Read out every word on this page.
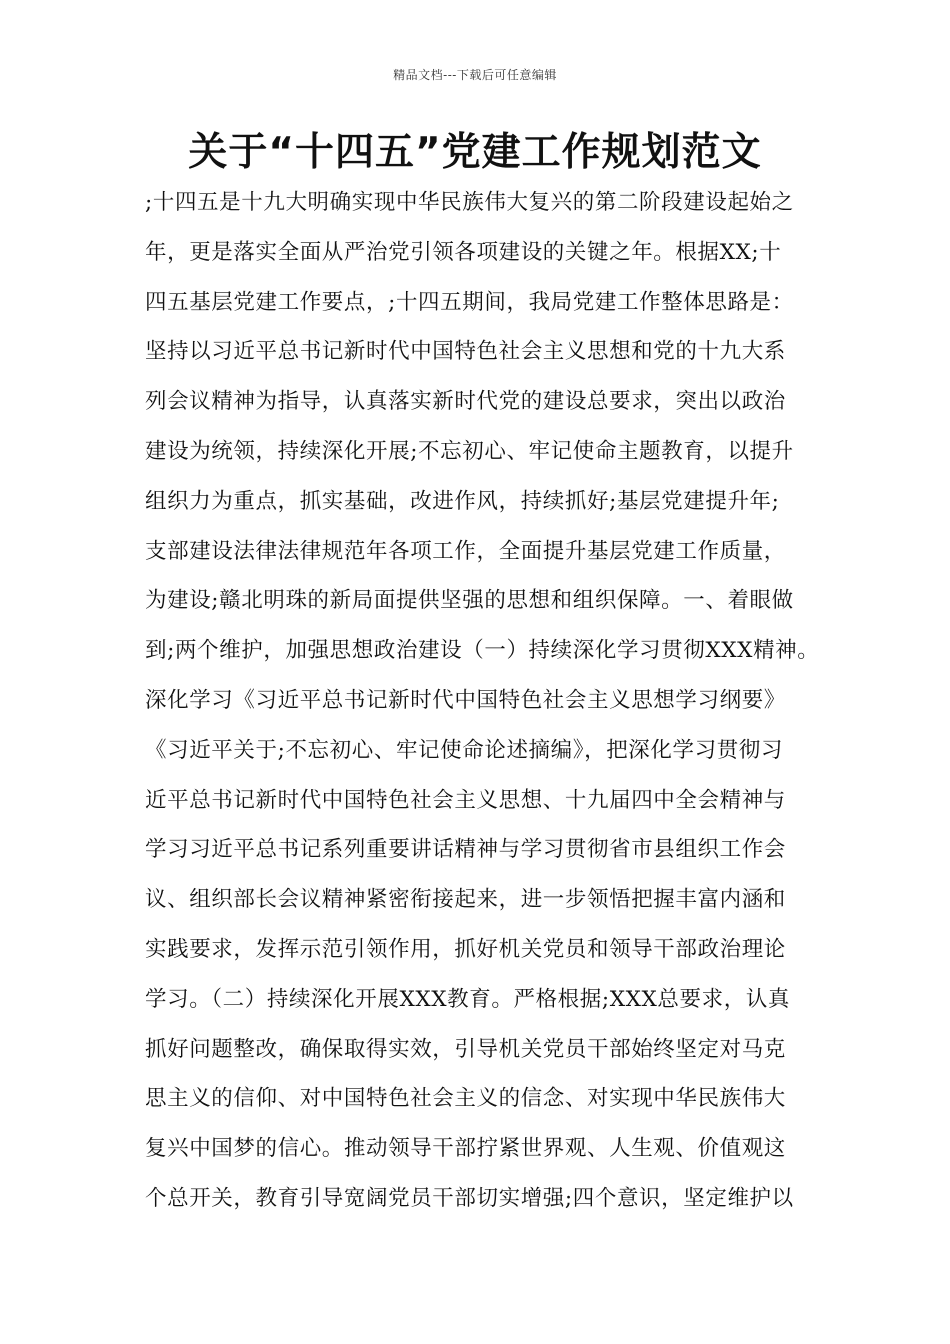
精品文档---下载后可任意编辑
关于“十四五”党建工作规划范文
;十四五是十九大明确实现中华民族伟大复兴的第二阶段建设起始之
年，更是落实全面从严治党引领各项建设的关键之年。根据XX;十
四五基层党建工作要点，;十四五期间，我局党建工作整体思路是：
坚持以习近平总书记新时代中国特色社会主义思想和党的十九大系
列会议精神为指导，认真落实新时代党的建设总要求，突出以政治
建设为统领，持续深化开展;不忘初心、牢记使命主题教育，以提升
组织力为重点，抓实基础，改进作风，持续抓好;基层党建提升年;
支部建设法律法律规范年各项工作，全面提升基层党建工作质量，
为建设;赣北明珠的新局面提供坚强的思想和组织保障。一、着眼做
到;两个维护，加强思想政治建设（一）持续深化学习贯彻XXX精神。
深化学习《习近平总书记新时代中国特色社会主义思想学习纲要》
《习近平关于;不忘初心、牢记使命论述摘编》，把深化学习贯彻习
近平总书记新时代中国特色社会主义思想、十九届四中全会精神与
学习习近平总书记系列重要讲话精神与学习贯彻省市县组织工作会
议、组织部长会议精神紧密衔接起来，进一步领悟把握丰富内涵和
实践要求，发挥示范引领作用，抓好机关党员和领导干部政治理论
学习。（二）持续深化开展XXX教育。严格根据;XXX总要求，认真
抓好问题整改，确保取得实效，引导机关党员干部始终坚定对马克
思主义的信仰、对中国特色社会主义的信念、对实现中华民族伟大
复兴中国梦的信心。推动领导干部拧紧世界观、人生观、价值观这
个总开关，教育引导宽阔党员干部切实增强;四个意识，坚定维护以
